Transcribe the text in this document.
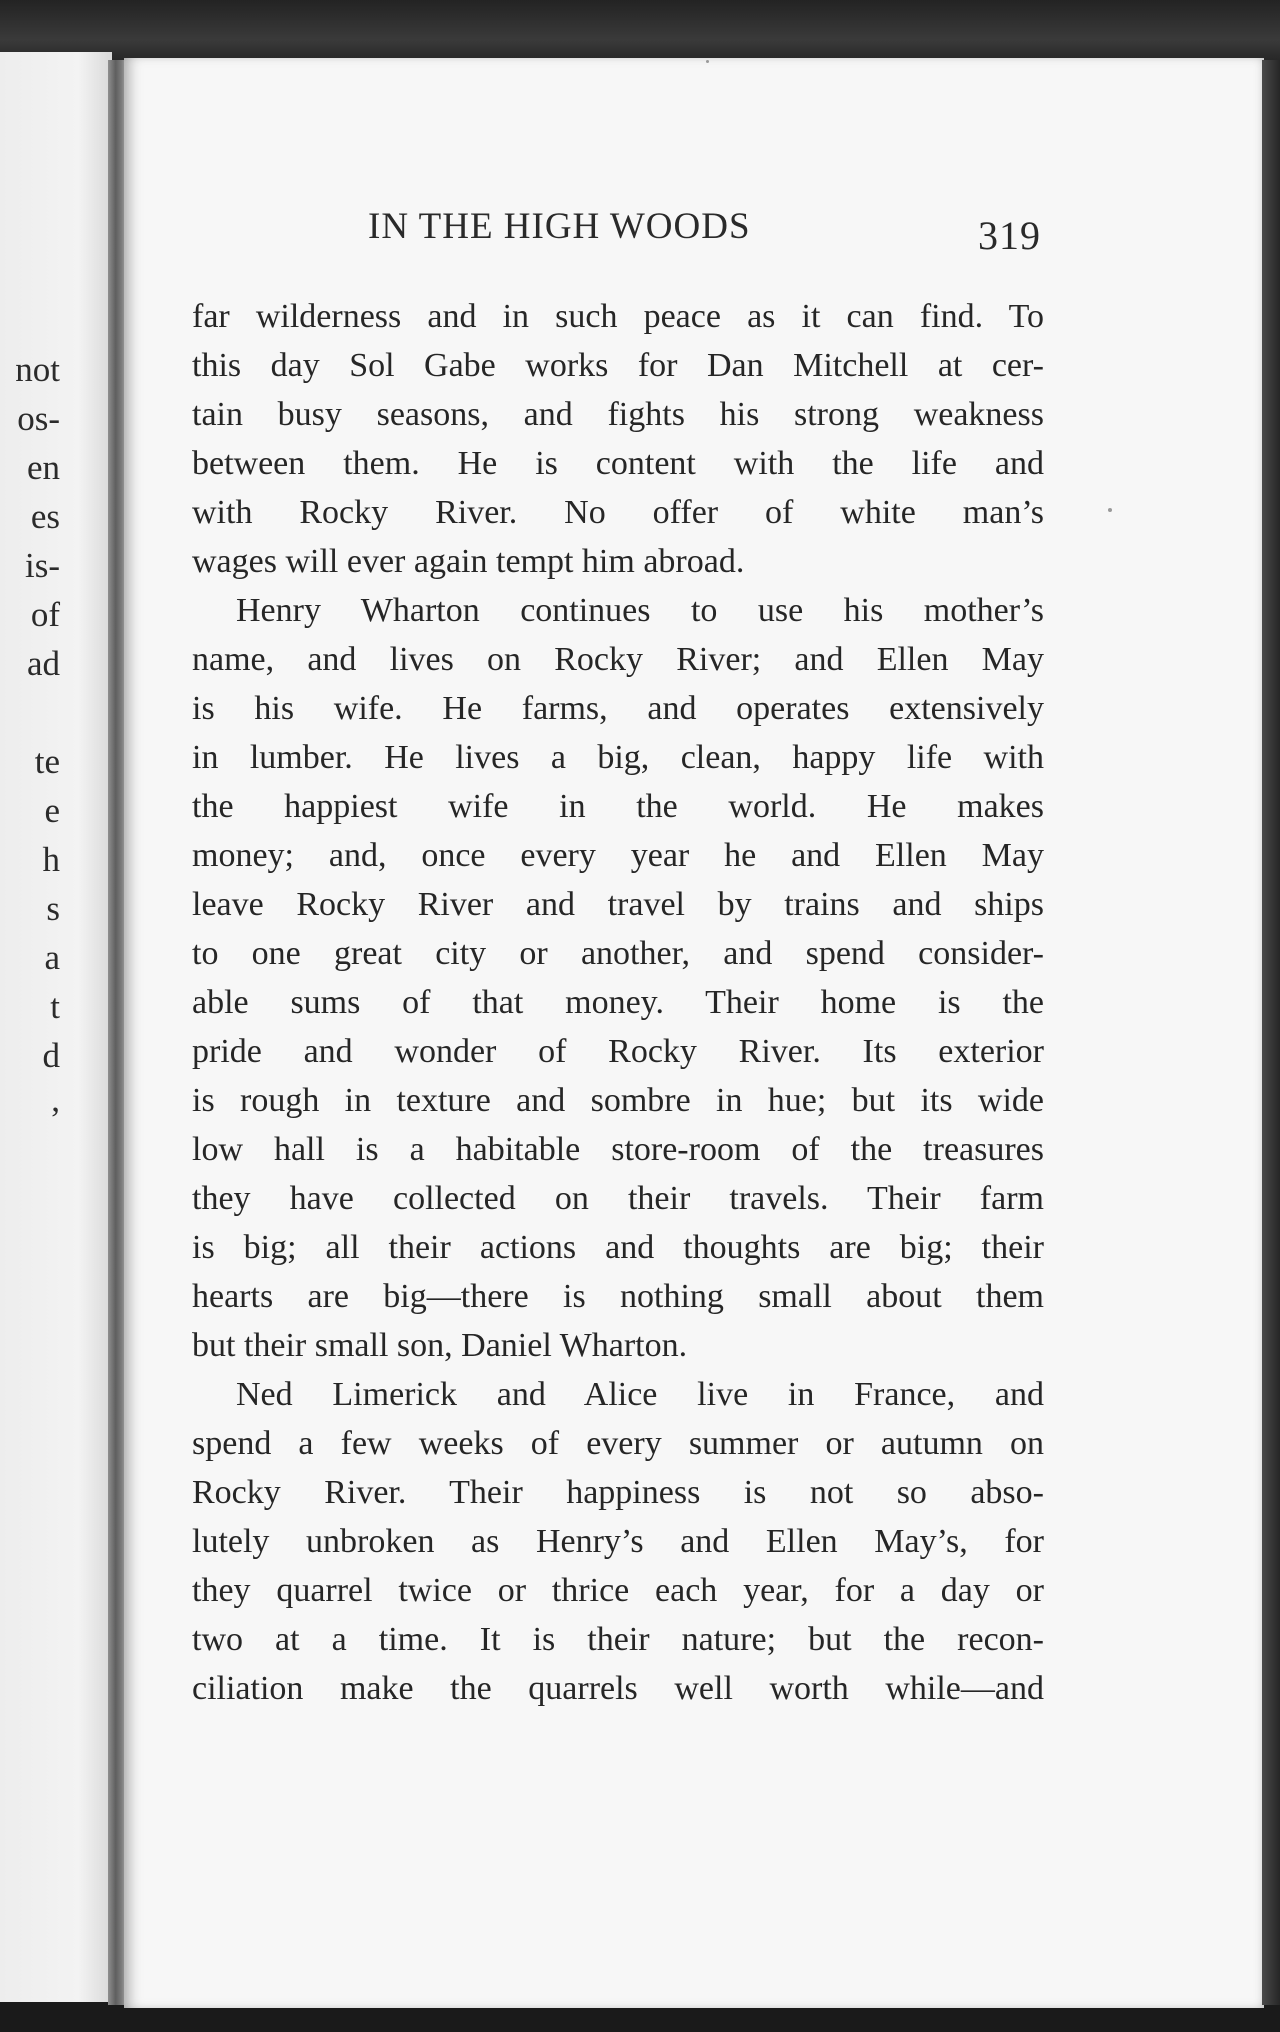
not
os-
en
es
is-
of
ad
te
e
h
s
a
t
d
,
IN THE HIGH WOODS	319
far wilderness and in such peace as it can find. To
this day Sol Gabe works for Dan Mitchell at cer-
tain busy seasons, and fights his strong weakness
between them. He is content with the life and
with Rocky River. No offer of white man’s
wages will ever again tempt him abroad.
Henry Wharton continues to use his mother’s
name, and lives on Rocky River; and Ellen May
is his wife. He farms, and operates extensively
in lumber. He lives a big, clean, happy life with
the happiest wife in the world. He makes
money; and, once every year he and Ellen May
leave Rocky River and travel by trains and ships
to one great city or another, and spend consider-
able sums of that money. Their home is the
pride and wonder of Rocky River. Its exterior
is rough in texture and sombre in hue; but its wide
low hall is a habitable store-room of the treasures
they have collected on their travels. Their farm
is big; all their actions and thoughts are big; their
hearts are big—there is nothing small about them
but their small son, Daniel Wharton.
Ned Limerick and Alice live in France, and
spend a few weeks of every summer or autumn on
Rocky River. Their happiness is not so abso-
lutely unbroken as Henry’s and Ellen May’s, for
they quarrel twice or thrice each year, for a day or
two at a time. It is their nature; but the recon-
ciliation make the quarrels well worth while—and
